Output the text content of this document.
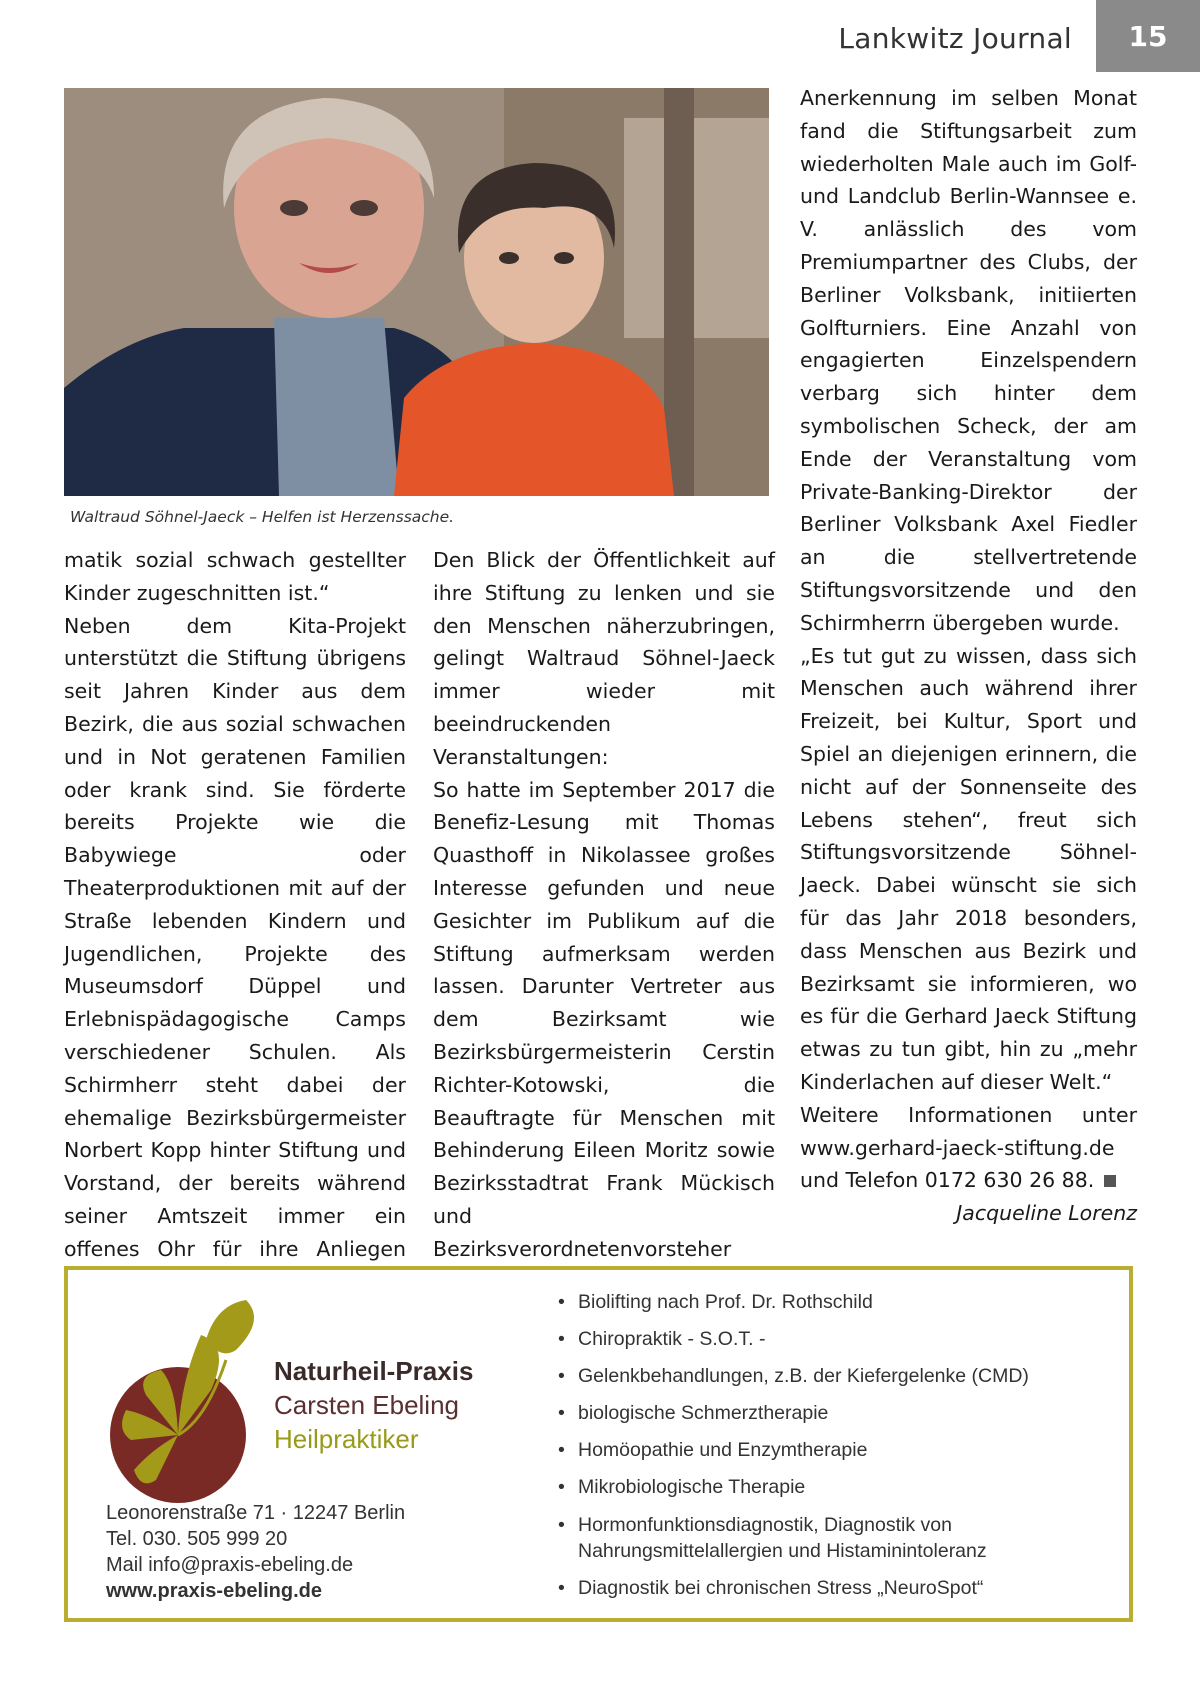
Lankwitz Journal	15
Waltraud Söhnel-Jaeck – Helfen ist Herzenssache.

matik sozial schwach gestellter Kinder zugeschnitten ist.“

Neben dem Kita-Projekt unterstützt die Stiftung übrigens seit Jahren Kinder aus dem Bezirk, die aus sozial schwachen und in Not geratenen Familien oder krank sind. Sie förderte bereits Projekte wie die Babywiege oder Theaterproduktionen mit auf der Straße lebenden Kindern und Jugendlichen, Projekte des Museumsdorf Düppel und Erlebnispädagogische Camps verschiedener Schulen. Als Schirmherr steht dabei der ehemalige Bezirksbürgermeister Norbert Kopp hinter Stiftung und Vorstand, der bereits während seiner Amtszeit immer ein offenes Ohr für ihre Anliegen

Den Blick der Öffentlichkeit auf ihre Stiftung zu lenken und sie den Menschen näherzubringen, gelingt Waltraud Söhnel-Jaeck immer wieder mit beeindruckenden Veranstaltungen:

So hatte im September 2017 die Benefiz-Lesung mit Thomas Quasthoff in Nikolassee großes Interesse gefunden und neue Gesichter im Publikum auf die Stiftung aufmerksam werden lassen. Darunter Vertreter aus dem Bezirksamt wie Bezirksbürgermeisterin Cerstin Richter-Kotowski, die Beauftragte für Menschen mit Behinderung Eileen Moritz sowie Bezirksstadtrat Frank Mückisch und Bezirksverordnetenvorsteher

Anerkennung im selben Monat fand die Stiftungsarbeit zum wiederholten Male auch im Golf- und Landclub Berlin-Wannsee e. V. anlässlich des vom Premiumpartner des Clubs, der Berliner Volksbank, initiierten Golfturniers. Eine Anzahl von engagierten Einzelspendern verbarg sich hinter dem symbolischen Scheck, der am Ende der Veranstaltung vom Private-Banking-Direktor der Berliner Volksbank Axel Fiedler an die stellvertretende Stiftungsvorsitzende und den Schirmherrn übergeben wurde.

„Es tut gut zu wissen, dass sich Menschen auch während ihrer Freizeit, bei Kultur, Sport und Spiel an diejenigen erinnern, die nicht auf der Sonnenseite des Lebens stehen“, freut sich Stiftungsvorsitzende Söhnel-Jaeck. Dabei wünscht sie sich für das Jahr 2018 besonders, dass Menschen aus Bezirk und Bezirksamt sie informieren, wo es für die Gerhard Jaeck Stiftung etwas zu tun gibt, hin zu „mehr Kinderlachen auf dieser Welt.“

Weitere Informationen unter www.gerhard-jaeck-stiftung.de und Telefon 0172 630 26 88.

Jacqueline Lorenz

Naturheil-Praxis
Carsten Ebeling
Heilpraktiker
Leonorenstraße 71 · 12247 Berlin
Tel. 030. 505 999 20
Mail info@praxis-ebeling.de
www.praxis-ebeling.de
• Biolifting nach Prof. Dr. Rothschild
• Chiropraktik - S.O.T. -
• Gelenkbehandlungen, z.B. der Kiefergelenke (CMD)
• biologische Schmerztherapie
• Homöopathie und Enzymtherapie
• Mikrobiologische Therapie
• Hormonfunktionsdiagnostik, Diagnostik von Nahrungsmittelallergien und Histaminintoleranz
• Diagnostik bei chronischen Stress „NeuroSpot“
